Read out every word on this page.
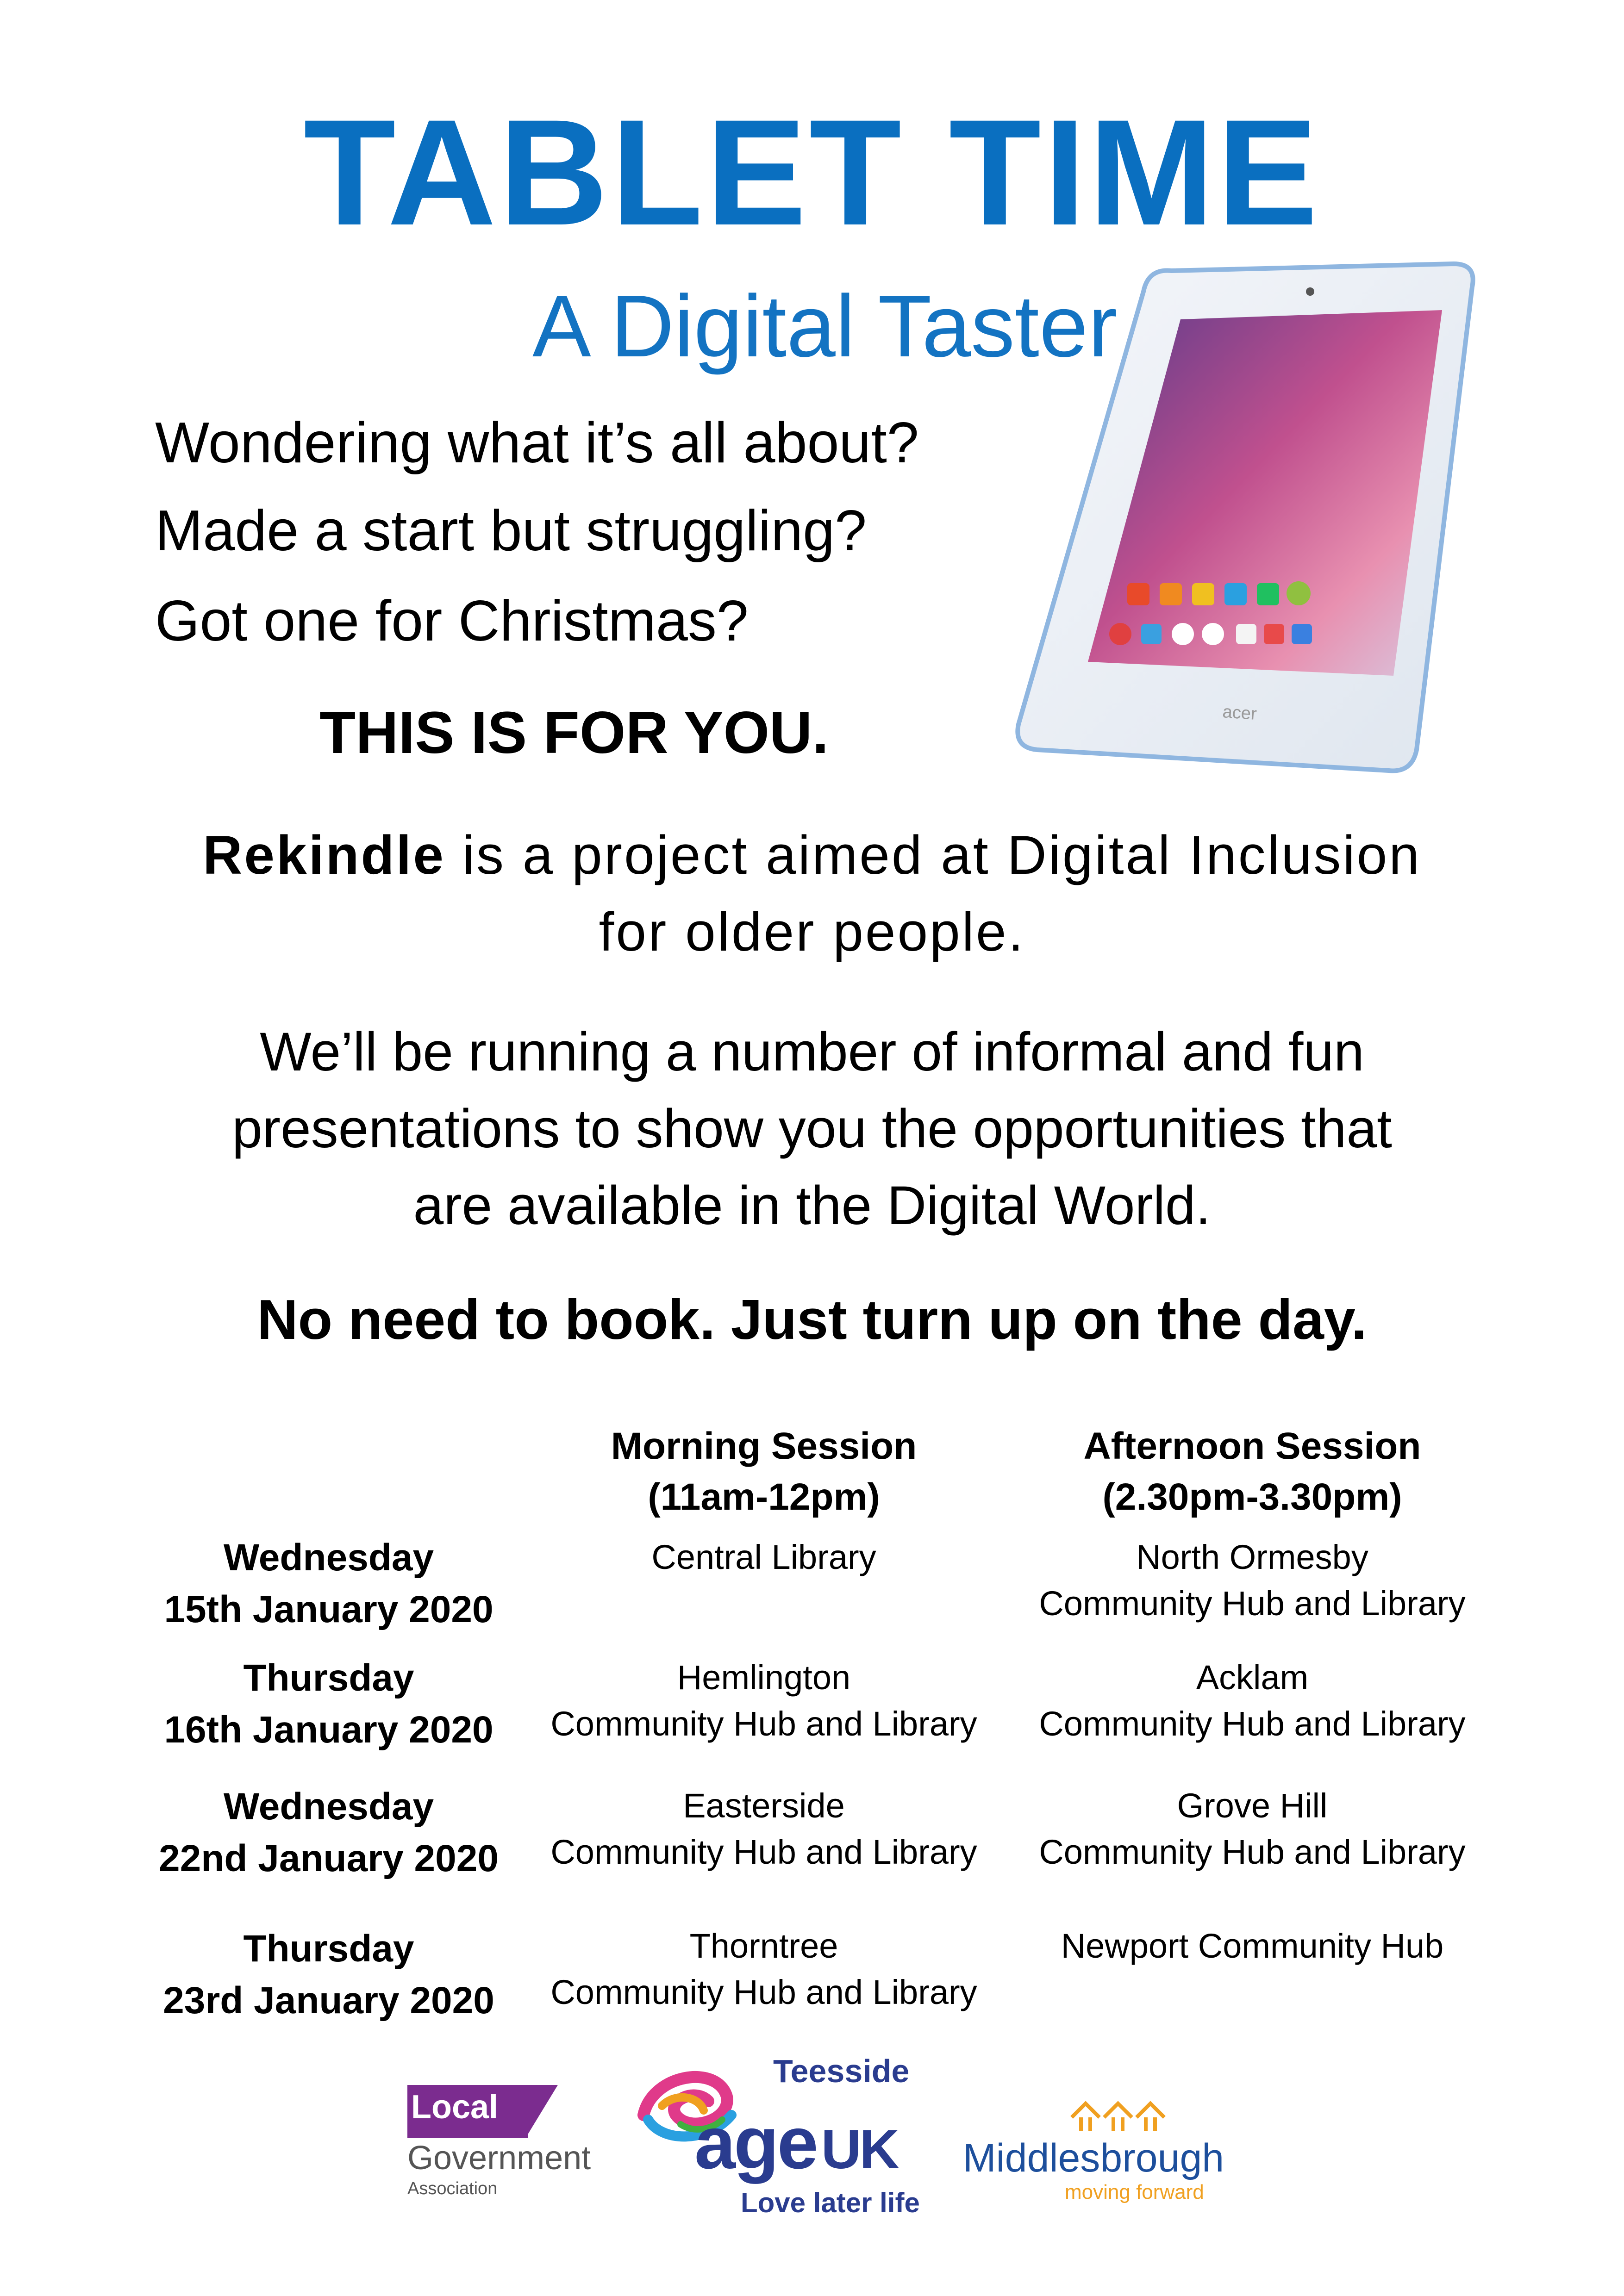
TABLET TIME
A Digital Taster
Wondering what it’s all about?
Made a start but struggling?
Got one for Christmas?
THIS IS FOR YOU.	acer
Rekindle is a project aimed at Digital Inclusion
for older people.
We’ll be running a number of informal and fun
presentations to show you the opportunities that
are available in the Digital World.
No need to book. Just turn up on the day.
Morning Session
(11am-12pm)
Afternoon Session
(2.30pm-3.30pm)
Wednesday
15th January 2020
Central Library	North Ormesby
Community Hub and Library
Thursday
16th January 2020
Hemlington
Community Hub and Library
Acklam
Community Hub and Library
Wednesday
22nd January 2020
Easterside
Community Hub and Library
Grove Hill
Community Hub and Library
Thursday
23rd January 2020
Thorntree
Community Hub and Library
Newport Community Hub
Local
Government
Association
Teesside
ageUK
Love later life
Middlesbrough
moving forward
